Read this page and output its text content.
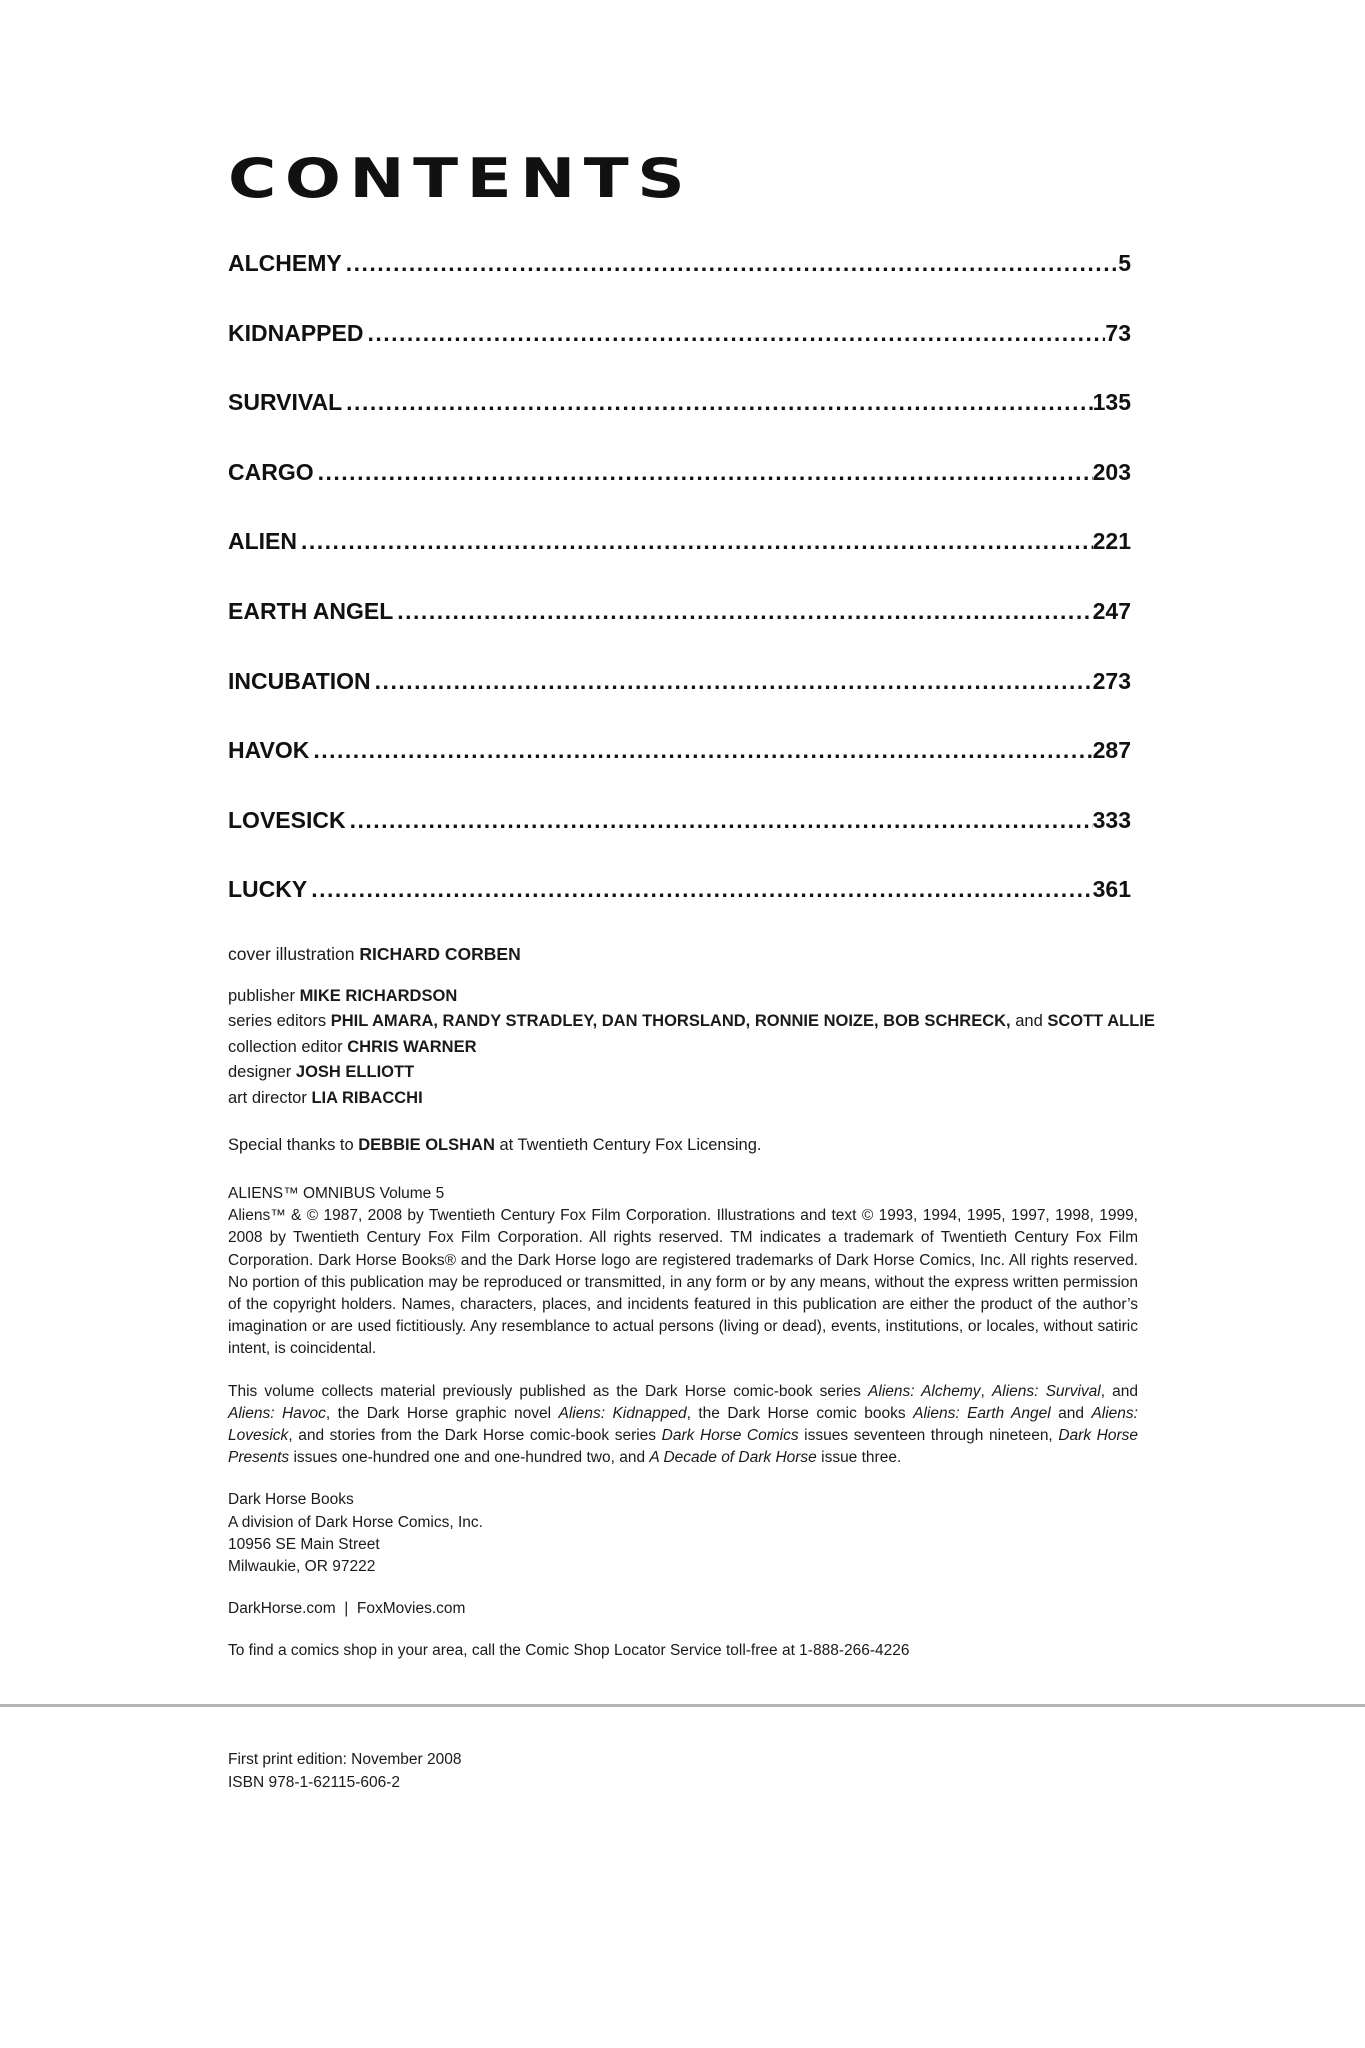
CONTENTS
ALCHEMY .....	5
KIDNAPPED .....	73
SURVIVAL .....	135
CARGO .....	203
ALIEN .....	221
EARTH ANGEL .....	247
INCUBATION .....	273
HAVOK .....	287
LOVESICK .....	333
LUCKY .....	361
cover illustration RICHARD CORBEN
publisher MIKE RICHARDSON
series editors PHIL AMARA, RANDY STRADLEY, DAN THORSLAND, RONNIE NOIZE, BOB SCHRECK, and SCOTT ALLIE
collection editor CHRIS WARNER
designer JOSH ELLIOTT
art director LIA RIBACCHI
Special thanks to DEBBIE OLSHAN at Twentieth Century Fox Licensing.

ALIENS™ OMNIBUS Volume 5

Aliens™ & © 1987, 2008 by Twentieth Century Fox Film Corporation. Illustrations and text © 1993, 1994, 1995, 1997, 1998, 1999, 2008 by Twentieth Century Fox Film Corporation. All rights reserved. TM indicates a trademark of Twentieth Century Fox Film Corporation. Dark Horse Books® and the Dark Horse logo are registered trademarks of Dark Horse Comics, Inc. All rights reserved. No portion of this publication may be reproduced or transmitted, in any form or by any means, without the express written permission of the copyright holders. Names, characters, places, and incidents featured in this publication are either the product of the author’s imagination or are used fictitiously. Any resemblance to actual persons (living or dead), events, institutions, or locales, without satiric intent, is coincidental.

This volume collects material previously published as the Dark Horse comic-book series Aliens: Alchemy, Aliens: Survival, and Aliens: Havoc, the Dark Horse graphic novel Aliens: Kidnapped, the Dark Horse comic books Aliens: Earth Angel and Aliens: Lovesick, and stories from the Dark Horse comic-book series Dark Horse Comics issues seventeen through nineteen, Dark Horse Presents issues one-hundred one and one-hundred two, and A Decade of Dark Horse issue three.

Dark Horse Books
A division of Dark Horse Comics, Inc.
10956 SE Main Street
Milwaukie, OR 97222
DarkHorse.com  |  FoxMovies.com
To find a comics shop in your area, call the Comic Shop Locator Service toll-free at 1-888-266-4226
First print edition: November 2008
ISBN 978-1-62115-606-2
